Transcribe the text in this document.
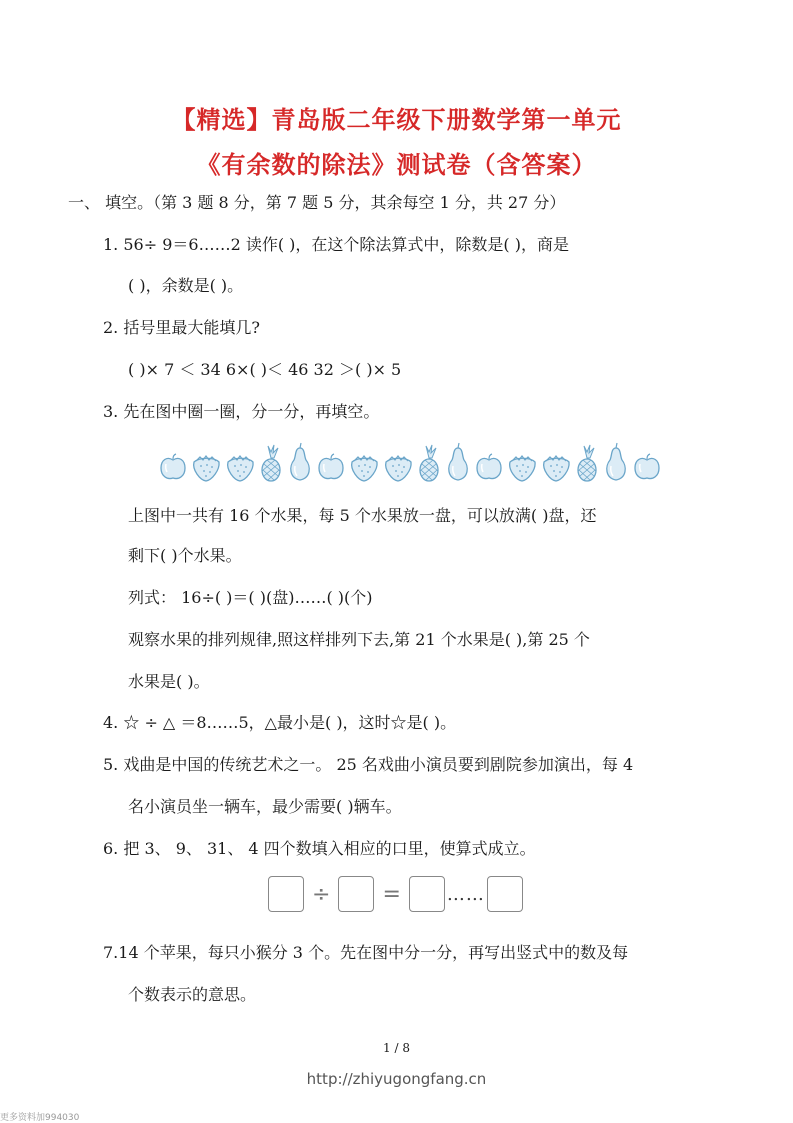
【精选】青岛版二年级下册数学第一单元
《有余数的除法》测试卷（含答案）
一、 填空。（第 3 题 8 分，第 7 题 5 分，其余每空 1 分，共 27 分）
1. 56÷ 9＝6……2 读作( )，在这个除法算式中，除数是( )，商是
( )，余数是( )。
2. 括号里最大能填几?
( )× 7 ＜ 34 6×( )＜ 46 32 ＞( )× 5
3. 先在图中圈一圈，分一分，再填空。
上图中一共有 16 个水果，每 5 个水果放一盘，可以放满( )盘，还
剩下( )个水果。
列式： 16÷( )＝( )(盘)……( )(个)
观察水果的排列规律,照这样排列下去,第 21 个水果是( ),第 25 个
水果是( )。
4. ☆ ÷ △ ＝8……5，△最小是( )，这时☆是( )。
5. 戏曲是中国的传统艺术之一。 25 名戏曲小演员要到剧院参加演出，每 4
名小演员坐一辆车，最少需要( )辆车。
6. 把 3、 9、 31、 4 四个数填入相应的口里，使算式成立。
÷ =	……
7.14 个苹果，每只小猴分 3 个。先在图中分一分，再写出竖式中的数及每
个数表示的意思。
1 / 8
http://zhiyugongfang.cn
更多资料加994030
